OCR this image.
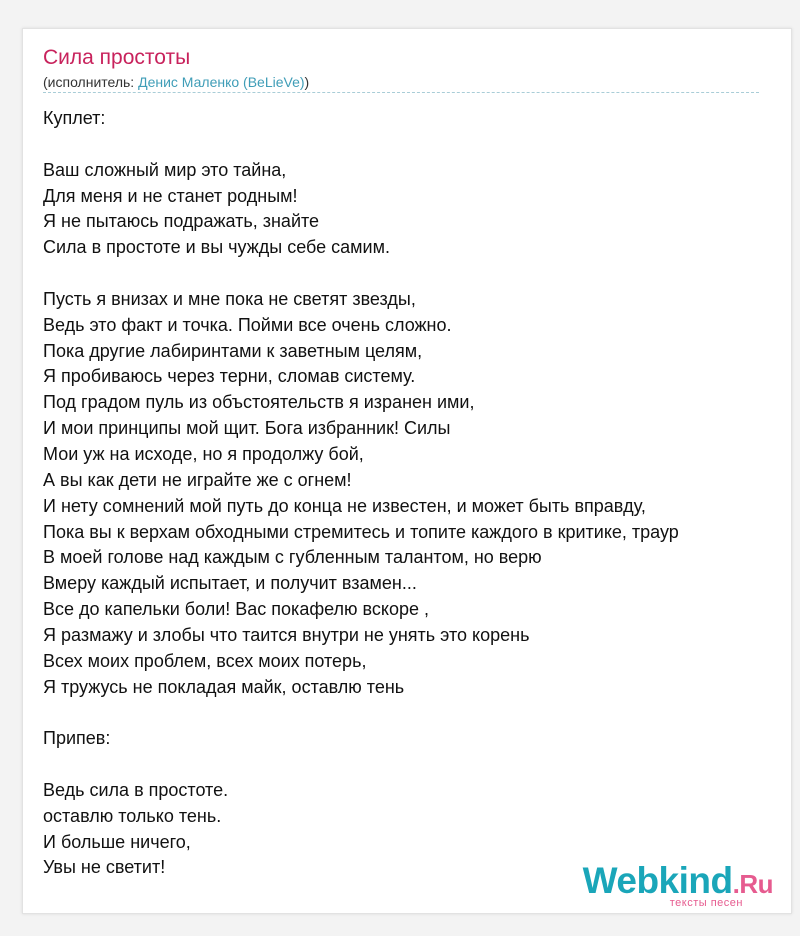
Сила простоты
(исполнитель: Денис Маленко (BeLieVe))
Куплет:
Ваш сложный мир это тайна,
Для меня и не станет родным!
Я не пытаюсь подражать, знайте
Сила в простоте и вы чужды себе самим.
Пусть я внизах и мне пока не светят звезды,
Ведь это факт и точка. Пойми все очень сложно.
Пока другие лабиринтами к заветным целям,
Я пробиваюсь через терни, сломав систему.
Под градом пуль из объстоятельств я изранен ими,
И мои принципы мой щит. Бога избранник! Силы
Мои уж на исходе, но я продолжу бой,
А вы как дети не играйте же с огнем!
И нету сомнений мой путь до конца не известен, и может быть вправду,
Пока вы к верхам обходными стремитесь и топите каждого в критике, траур
В моей голове над каждым с губленным талантом, но верю
Вмеру каждый испытает, и получит взамен...
Все до капельки боли! Вас покафелю вскоре ,
Я размажу и злобы что таится внутри не унять это корень
Всех моих проблем, всех моих потерь,
Я тружусь не покладая майк, оставлю тень
Припев:
Ведь сила в простоте.
оставлю только тень.
И больше ничего,
Увы не светит!	Webkind.Ru
тексты песен
